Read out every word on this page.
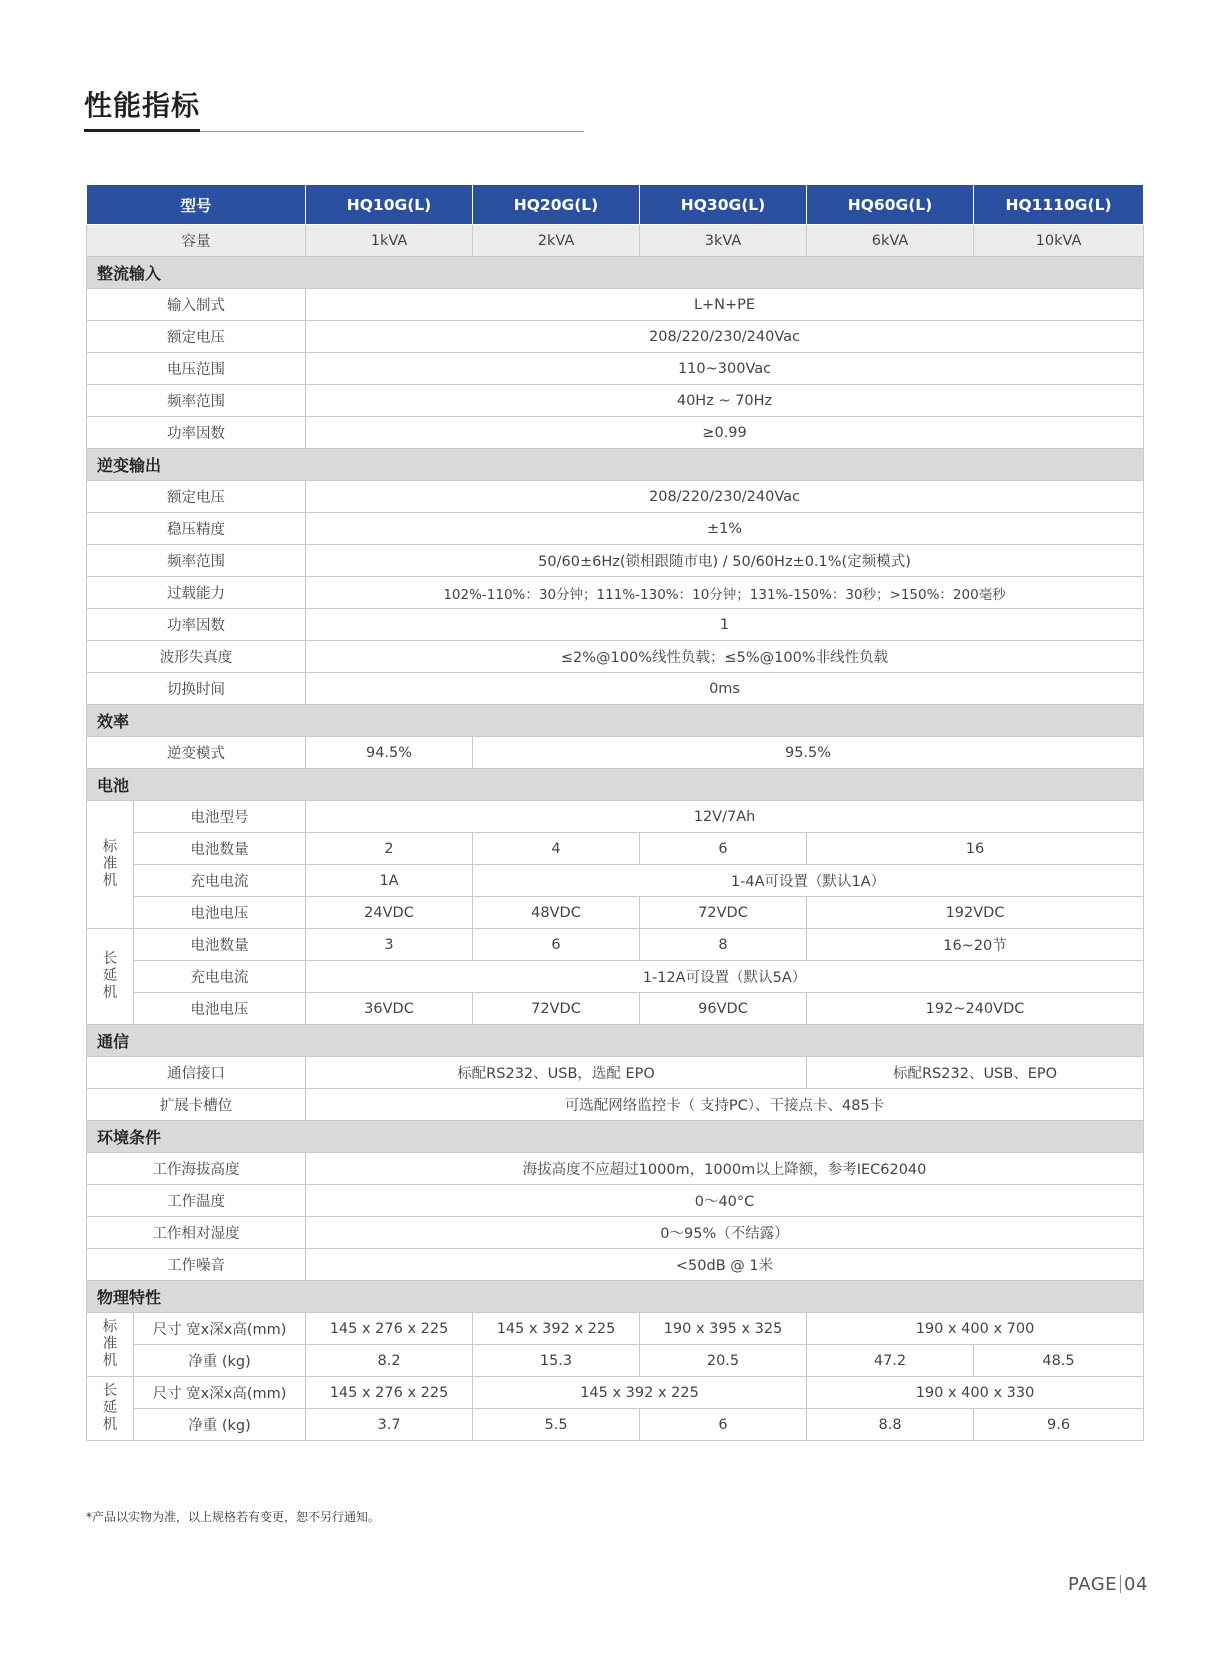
性能指标
型号		HQ10G(L)	HQ20G(L)	HQ30G(L)	HQ60G(L)	HQ1110G(L)
容量		1kVA	2kVA	3kVA	6kVA	10kVA
整流输入						
输入制式		L+N+PE				
额定电压		208/220/230/240Vac				
电压范围		110~300Vac				
频率范围		40Hz ~ 70Hz				
功率因数		≥0.99				
逆变输出						
额定电压		208/220/230/240Vac				
稳压精度		±1%				
频率范围		50/60±6Hz(锁相跟随市电) / 50/60Hz±0.1%(定频模式)				
过载能力		102%-110%：30分钟；111%-130%：10分钟；131%-150%：30秒；>150%：200毫秒				
功率因数		1				
波形失真度		≤2%@100%线性负载；≤5%@100%非线性负载				
切换时间		0ms				
效率						
逆变模式		94.5%	95.5%			
电池						
标准机	电池型号	12V/7Ah				
	电池数量	2	4	6	16	
	充电电流	1A	1-4A可设置（默认1A）			
	电池电压	24VDC	48VDC	72VDC	192VDC	
长延机	电池数量	3	6	8	16~20节	
	充电电流	1-12A可设置（默认5A）				
	电池电压	36VDC	72VDC	96VDC	192~240VDC	
通信						
通信接口		标配RS232、USB，选配 EPO			标配RS232、USB、EPO	
扩展卡槽位		可选配网络监控卡（ 支持PC）、干接点卡、485卡				
环境条件						
工作海拔高度		海拔高度不应超过1000m，1000m以上降额，参考IEC62040				
工作温度		0～40°C				
工作相对湿度		0～95%（不结露）				
工作噪音		<50dB @ 1米				
物理特性						
标准机	尺寸 宽x深x高(mm)	145 x 276 x 225	145 x 392 x 225	190 x 395 x 325	190 x 400 x 700	
	净重 (kg)	8.2	15.3	20.5	47.2	48.5
长延机	尺寸 宽x深x高(mm)	145 x 276 x 225	145 x 392 x 225		190 x 400 x 330	
	净重 (kg)	3.7	5.5	6	8.8	9.6
*产品以实物为准，以上规格若有变更，恕不另行通知。
PAGE 04
